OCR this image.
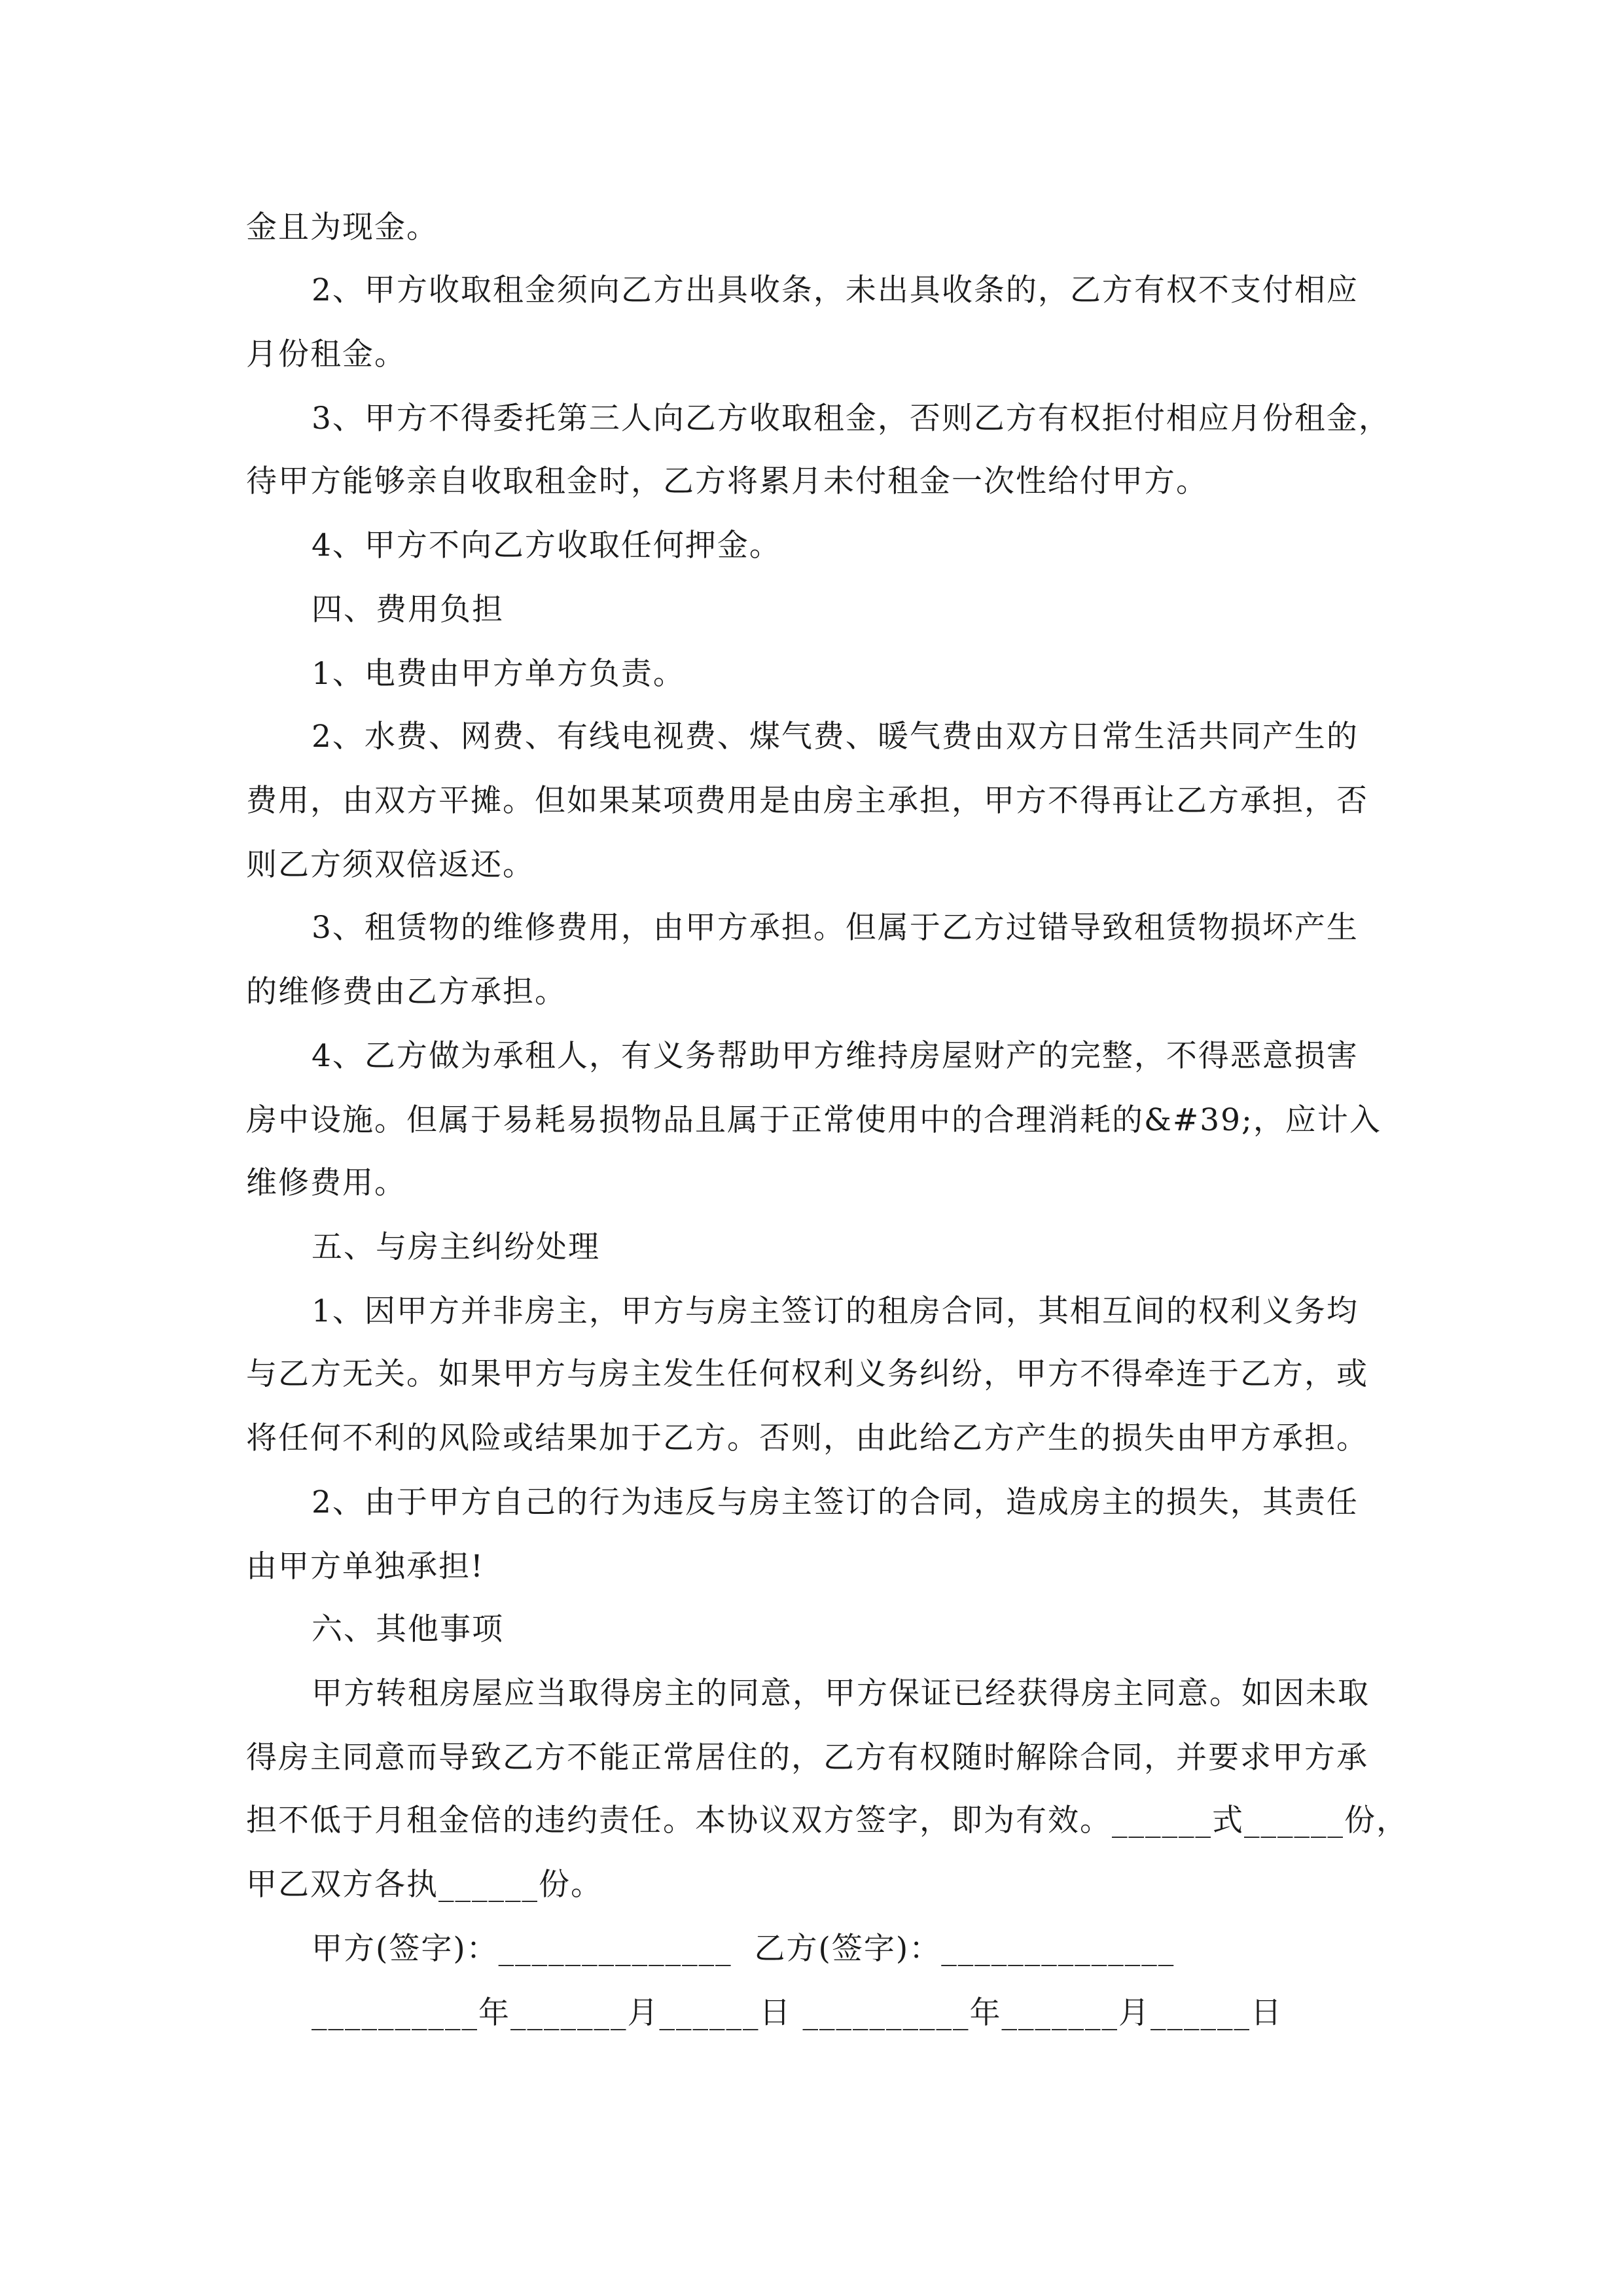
金且为现金。
2、甲方收取租金须向乙方出具收条，未出具收条的，乙方有权不支付相应
月份租金。
3、甲方不得委托第三人向乙方收取租金，否则乙方有权拒付相应月份租金，
待甲方能够亲自收取租金时，乙方将累月未付租金一次性给付甲方。
4、甲方不向乙方收取任何押金。
四、费用负担
1、电费由甲方单方负责。
2、水费、网费、有线电视费、煤气费、暖气费由双方日常生活共同产生的
费用，由双方平摊。但如果某项费用是由房主承担，甲方不得再让乙方承担，否
则乙方须双倍返还。
3、租赁物的维修费用，由甲方承担。但属于乙方过错导致租赁物损坏产生
的维修费由乙方承担。
4、乙方做为承租人，有义务帮助甲方维持房屋财产的完整，不得恶意损害
房中设施。但属于易耗易损物品且属于正常使用中的合理消耗的&#39;，应计入
维修费用。
五、与房主纠纷处理
1、因甲方并非房主，甲方与房主签订的租房合同，其相互间的权利义务均
与乙方无关。如果甲方与房主发生任何权利义务纠纷，甲方不得牵连于乙方，或
将任何不利的风险或结果加于乙方。否则，由此给乙方产生的损失由甲方承担。
2、由于甲方自己的行为违反与房主签订的合同，造成房主的损失，其责任
由甲方单独承担!
六、其他事项
甲方转租房屋应当取得房主的同意，甲方保证已经获得房主同意。如因未取
得房主同意而导致乙方不能正常居住的，乙方有权随时解除合同，并要求甲方承
担不低于月租金倍的违约责任。本协议双方签字，即为有效。______式______份，
甲乙双方各执______份。
甲方(签字)：______________  乙方(签字)：______________
__________年_______月______日 __________年_______月______日
